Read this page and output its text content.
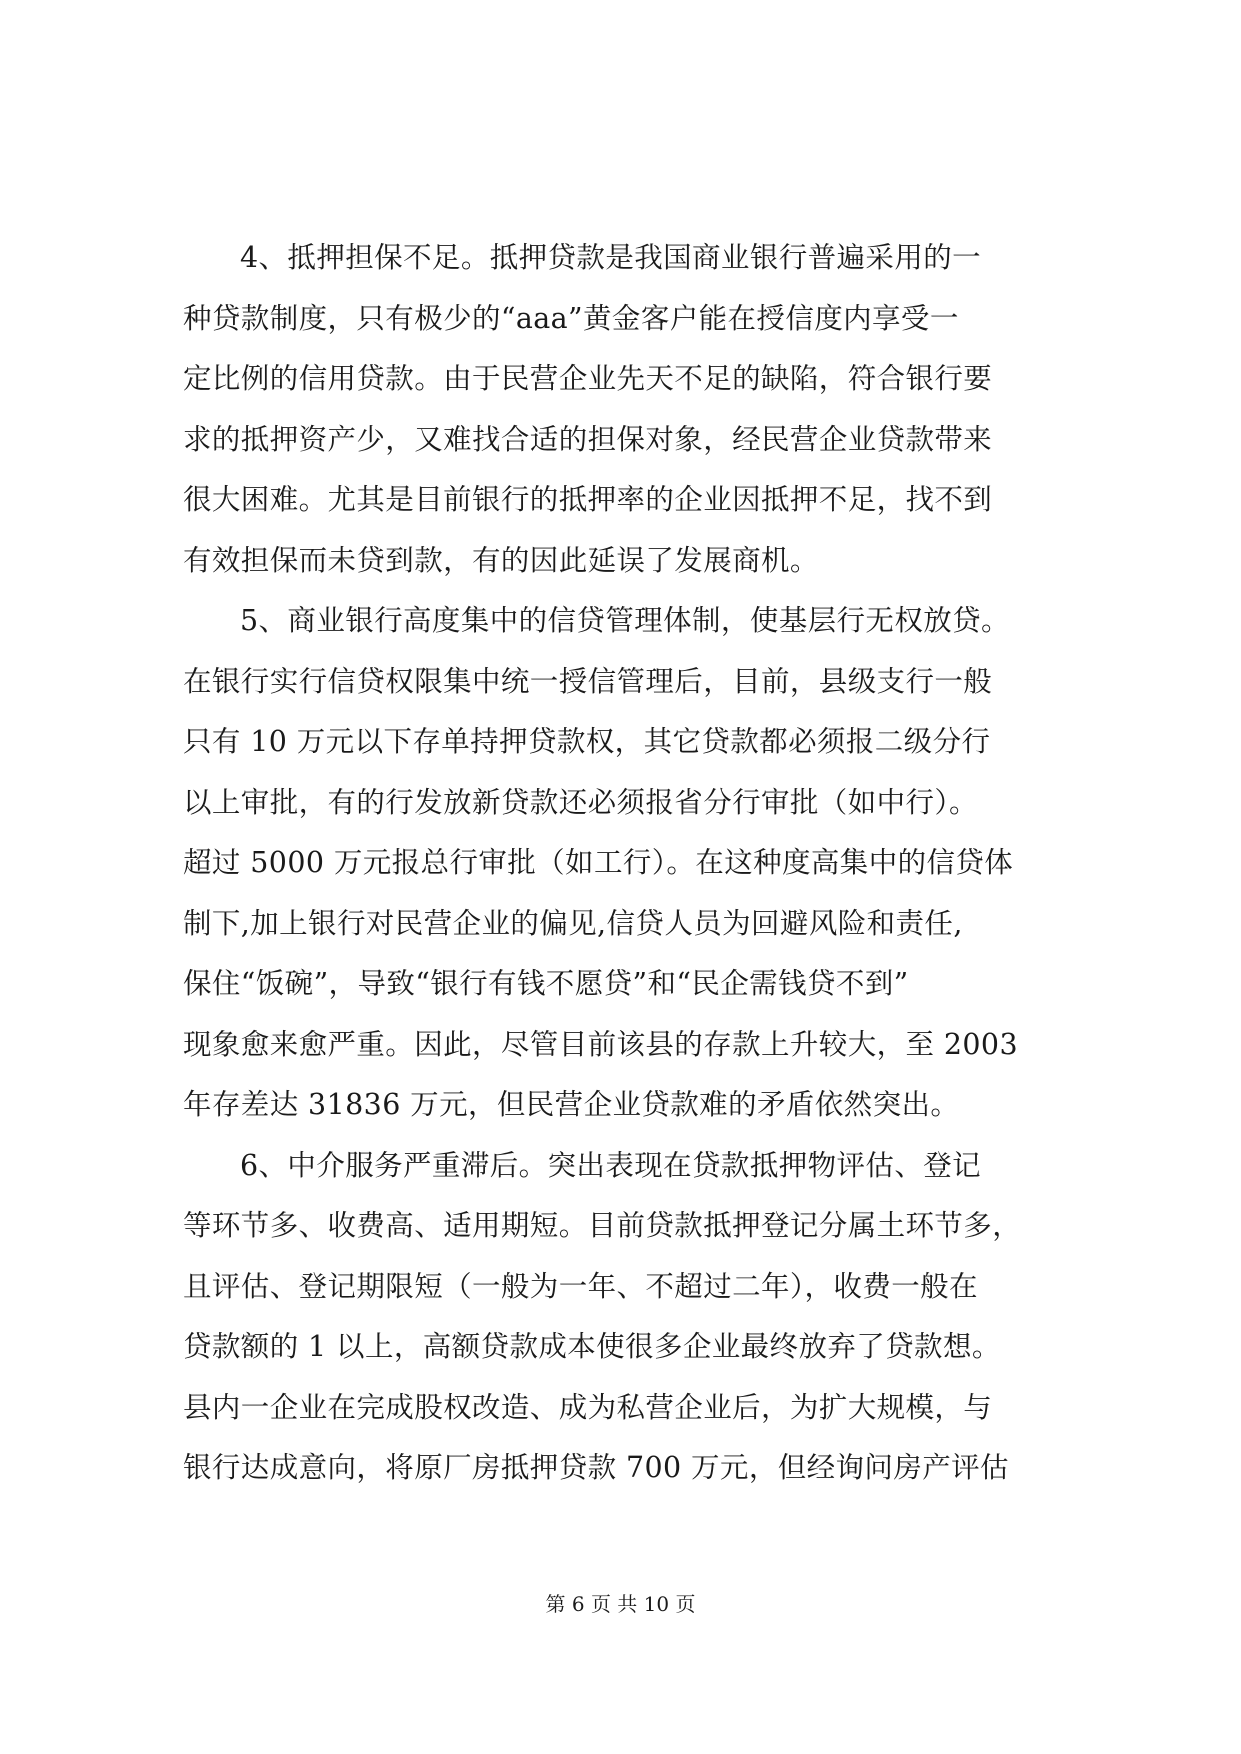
4、抵押担保不足。抵押贷款是我国商业银行普遍采用的一
种贷款制度，只有极少的“aaa”黄金客户能在授信度内享受一
定比例的信用贷款。由于民营企业先天不足的缺陷，符合银行要
求的抵押资产少，又难找合适的担保对象，经民营企业贷款带来
很大困难。尤其是目前银行的抵押率的企业因抵押不足，找不到
有效担保而未贷到款，有的因此延误了发展商机。
5、商业银行高度集中的信贷管理体制，使基层行无权放贷。
在银行实行信贷权限集中统一授信管理后，目前，县级支行一般
只有 10 万元以下存单持押贷款权，其它贷款都必须报二级分行
以上审批，有的行发放新贷款还必须报省分行审批（如中行）。
超过 5000 万元报总行审批（如工行）。在这种度高集中的信贷体
制下,加上银行对民营企业的偏见,信贷人员为回避风险和责任,
保住“饭碗”，导致“银行有钱不愿贷”和“民企需钱贷不到”
现象愈来愈严重。因此，尽管目前该县的存款上升较大，至 2003
年存差达 31836 万元，但民营企业贷款难的矛盾依然突出。
6、中介服务严重滞后。突出表现在贷款抵押物评估、登记
等环节多、收费高、适用期短。目前贷款抵押登记分属土环节多，
且评估、登记期限短（一般为一年、不超过二年），收费一般在
贷款额的 1 以上，高额贷款成本使很多企业最终放弃了贷款想。
县内一企业在完成股权改造、成为私营企业后，为扩大规模，与
银行达成意向，将原厂房抵押贷款 700 万元，但经询问房产评估
第 6 页 共 10 页
